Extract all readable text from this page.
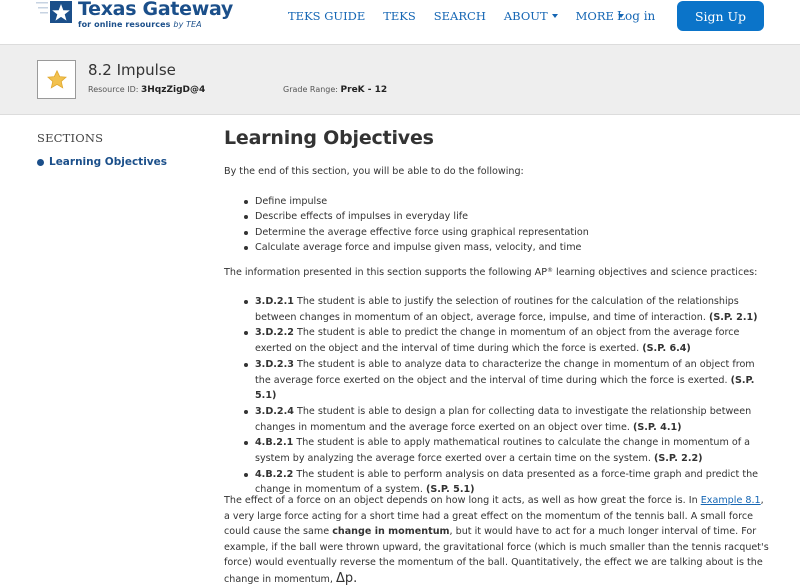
Texas Gateway
for online resources by TEA
TEKS GUIDE TEKS SEARCH ABOUT MORE Log in	Sign Up
8.2 Impulse
Resource ID: 3HqzZigD@4	Grade Range: PreK - 12
SECTIONS
Learning Objectives
Learning Objectives

By the end of this section, you will be able to do the following:

Define impulse
Describe effects of impulses in everyday life
Determine the average effective force using graphical representation
Calculate average force and impulse given mass, velocity, and time

The information presented in this section supports the following AP® learning objectives and science practices:

3.D.2.1 The student is able to justify the selection of routines for the calculation of the relationships between changes in momentum of an object, average force, impulse, and time of interaction. (S.P. 2.1)
3.D.2.2 The student is able to predict the change in momentum of an object from the average force exerted on the object and the interval of time during which the force is exerted. (S.P. 6.4)
3.D.2.3 The student is able to analyze data to characterize the change in momentum of an object from the average force exerted on the object and the interval of time during which the force is exerted. (S.P. 5.1)
3.D.2.4 The student is able to design a plan for collecting data to investigate the relationship between changes in momentum and the average force exerted on an object over time. (S.P. 4.1)
4.B.2.1 The student is able to apply mathematical routines to calculate the change in momentum of a system by analyzing the average force exerted over a certain time on the system. (S.P. 2.2)
4.B.2.2 The student is able to perform analysis on data presented as a force-time graph and predict the change in momentum of a system. (S.P. 5.1)

The effect of a force on an object depends on how long it acts, as well as how great the force is. In Example 8.1, a very large force acting for a short time had a great effect on the momentum of the tennis ball. A small force could cause the same change in momentum, but it would have to act for a much longer interval of time. For example, if the ball were thrown upward, the gravitational force (which is much smaller than the tennis racquet's force) would eventually reverse the momentum of the ball. Quantitatively, the effect we are talking about is the change in momentum, Δp.
